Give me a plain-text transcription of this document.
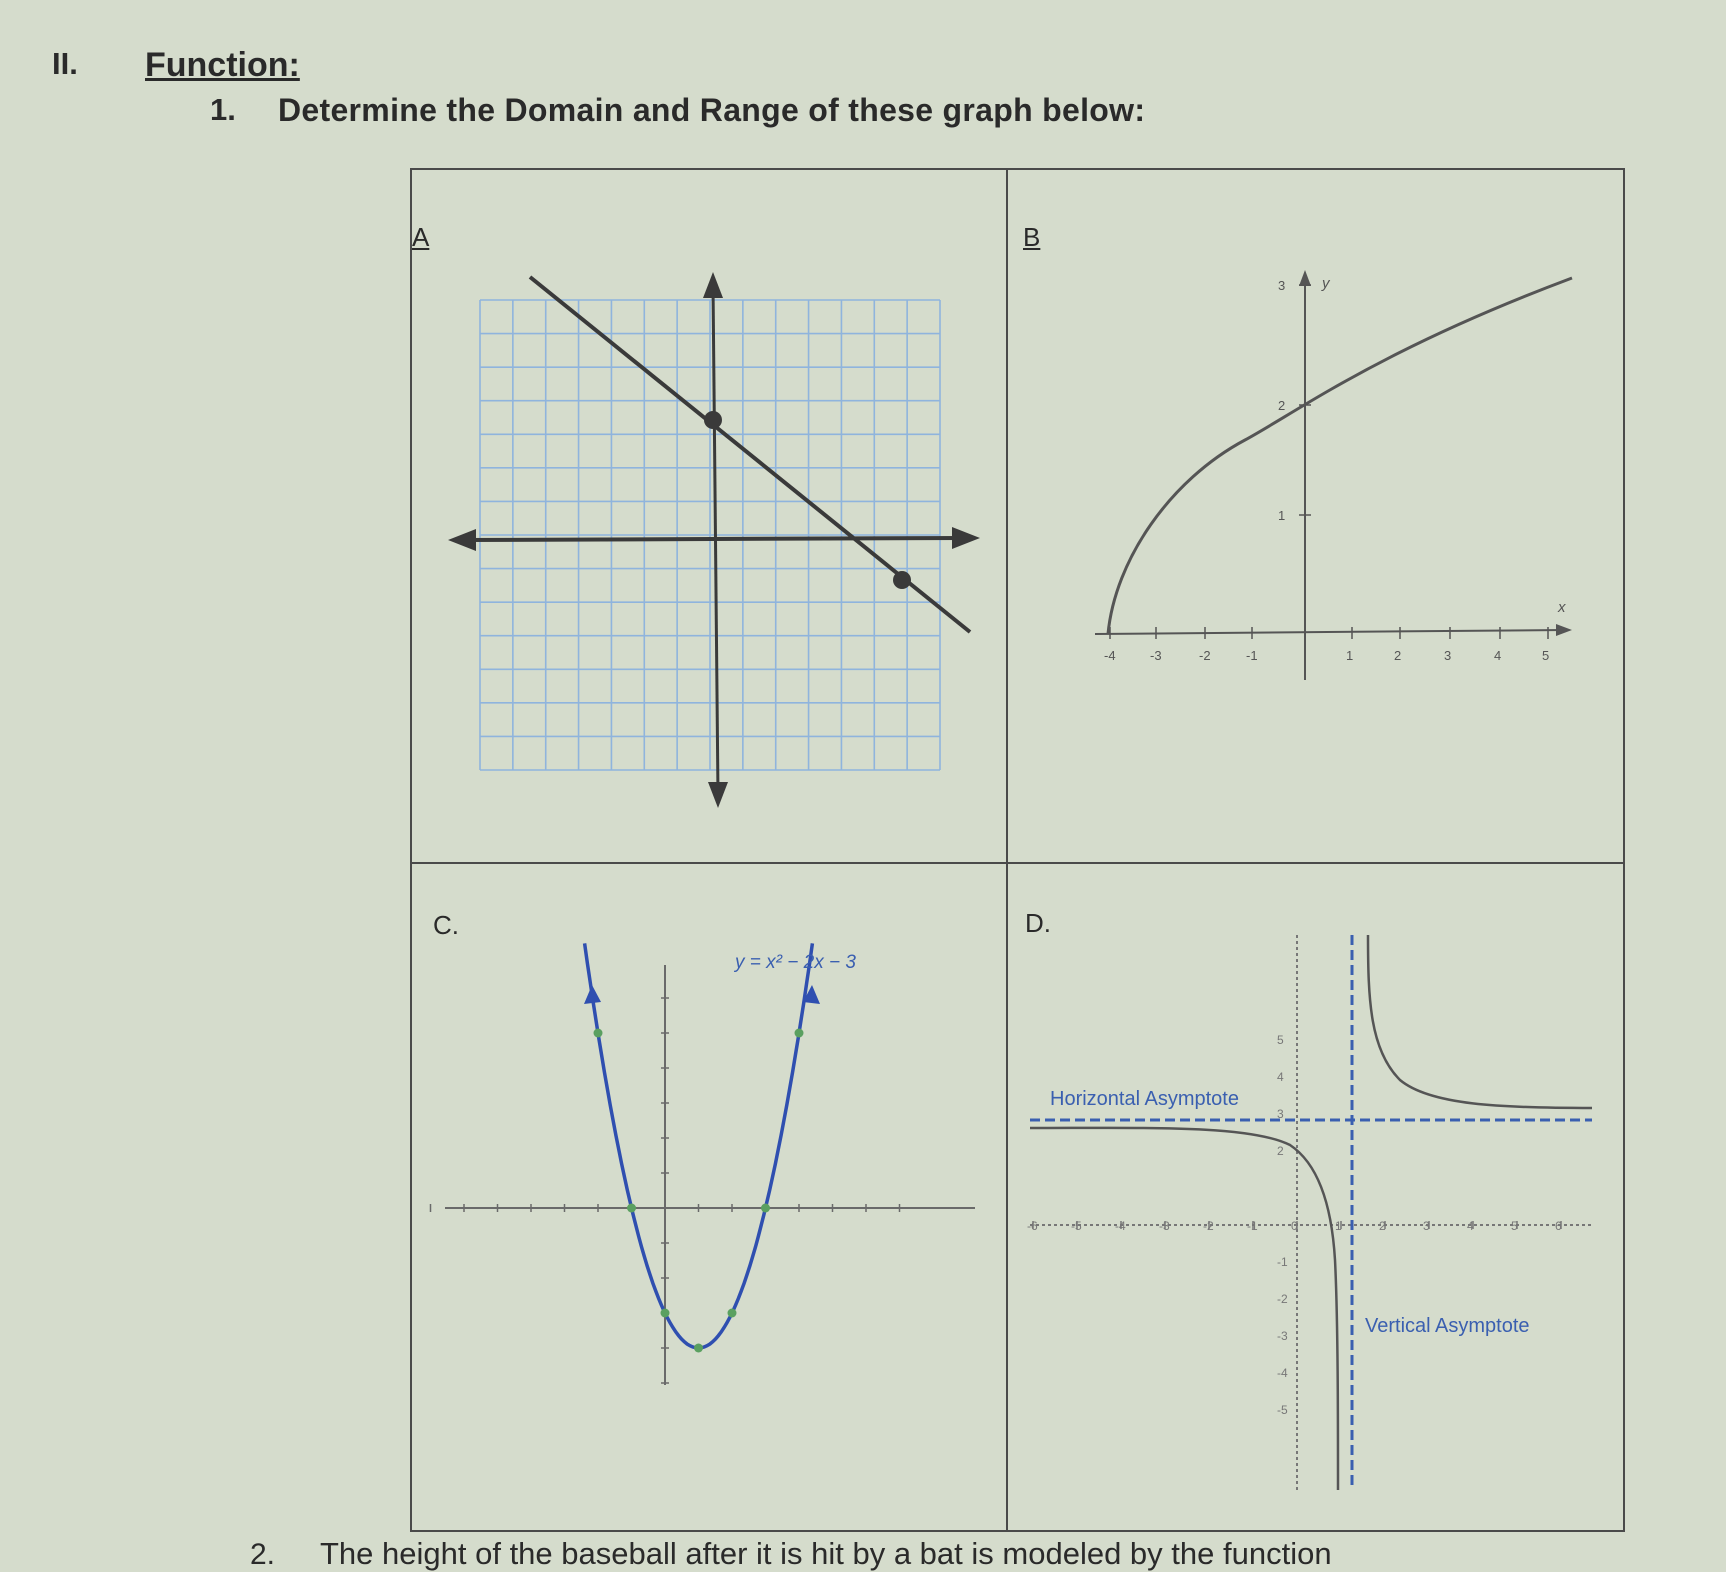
II. Function:
1. Determine the Domain and Range of these graph below:
A	B
-4	-3	-2	-1	1	2	3	4	5
1
2
3 y
x
C.
y = x² − 2x − 3
D.
-6	-5	-4	-3	-2	-1	0	1	2	3	4	5	6
5
4
3
2
-1
-2
-3
-4
-5
Horizontal Asymptote
Vertical Asymptote
2. The height of the baseball after it is hit by a bat is modeled by the function
